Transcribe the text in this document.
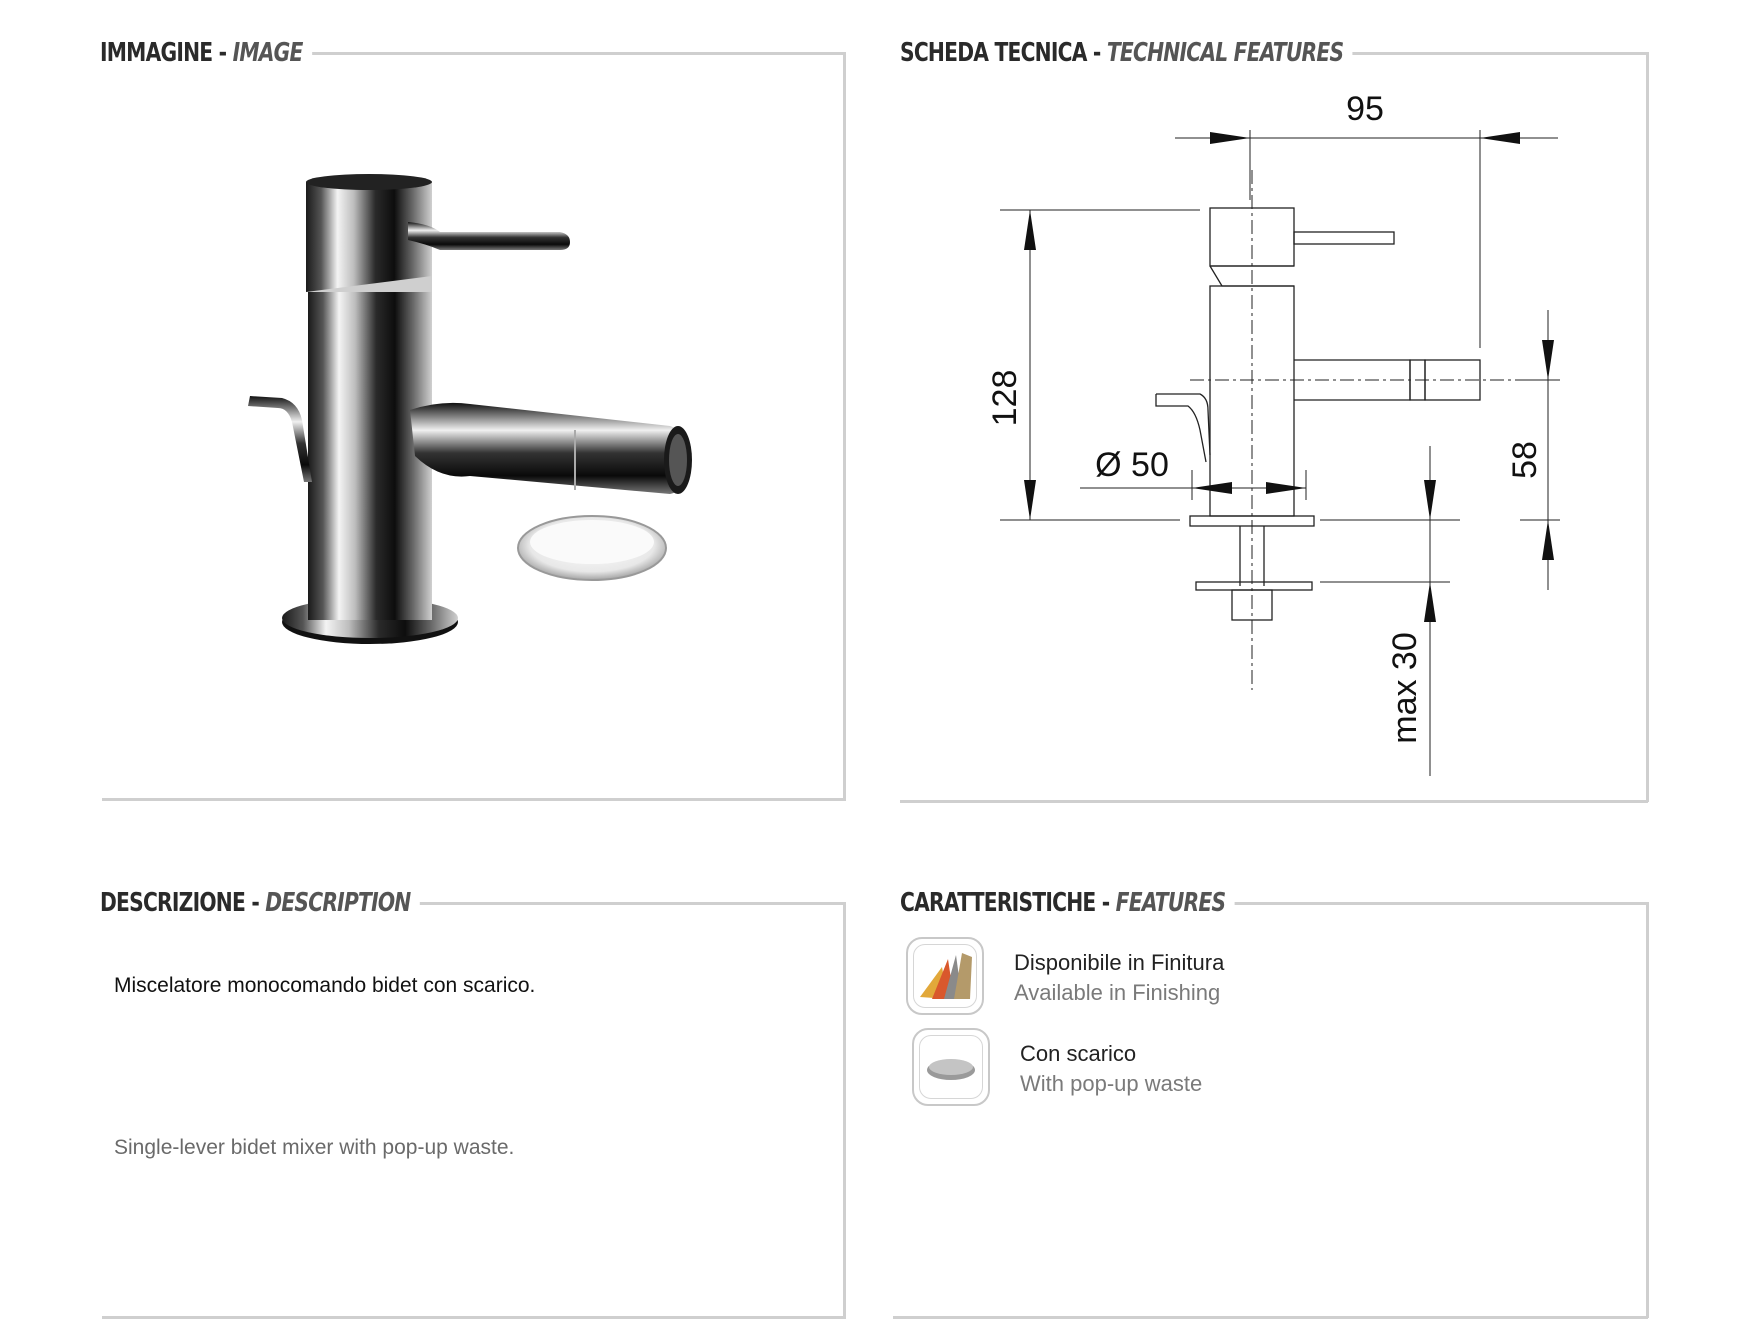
IMMAGINE - IMAGE	SCHEDA TECNICA - TECHNICAL FEATURES
95
128
Ø 50	58
max 30
DESCRIZIONE - DESCRIPTION
Miscelatore monocomando bidet con scarico.
Single-lever bidet mixer with pop-up waste.
CARATTERISTICHE - FEATURES
Disponibile in Finitura
Available in Finishing
Con scarico
With pop-up waste
